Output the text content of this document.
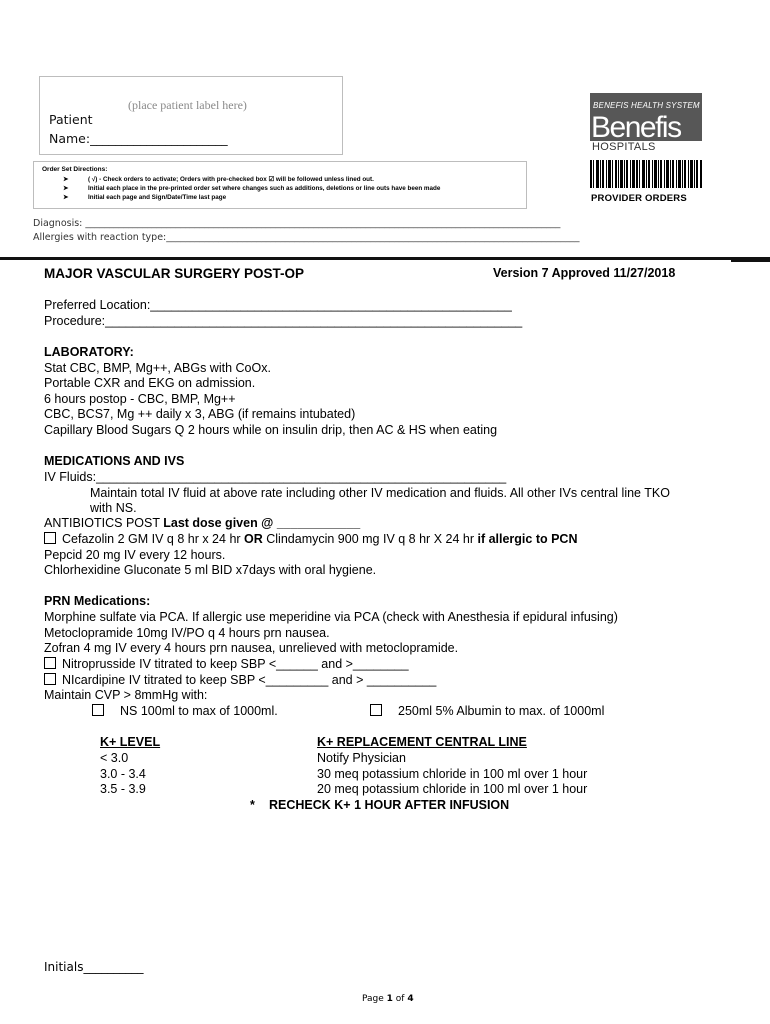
(place patient label here)
Patient
Name:______________________
BENEFIS HEALTH SYSTEM
Benefis
HOSPITALS
PROVIDER ORDERS
Order Set Directions:
➤	( √) - Check orders to activate; Orders with pre-checked box ☑ will be followed unless lined out.
➤	Initial each place in the pre-printed order set where changes such as additions, deletions or line outs have been made
➤	Initial each page and Sign/Date/Time last page
Diagnosis: ____________________________________________________________________________________________________
Allergies with reaction type:_______________________________________________________________________________________
MAJOR VASCULAR SURGERY POST-OP	Version 7 Approved 11/27/2018
Preferred Location:____________________________________________________
Procedure:____________________________________________________________
LABORATORY:
Stat CBC, BMP, Mg++, ABGs with CoOx.
Portable CXR and EKG on admission.
6 hours postop - CBC, BMP, Mg++
CBC, BCS7, Mg ++ daily x 3, ABG (if remains intubated)
Capillary Blood Sugars Q 2 hours while on insulin drip, then AC & HS when eating
MEDICATIONS AND IVS
IV Fluids:___________________________________________________________
Maintain total IV fluid at above rate including other IV medication and fluids. All other IVs central line TKO
with NS.
ANTIBIOTICS POST Last dose given @ ____________
Cefazolin 2 GM IV q 8 hr x 24 hr OR Clindamycin 900 mg IV q 8 hr X 24 hr if allergic to PCN
Pepcid 20 mg IV every 12 hours.
Chlorhexidine Gluconate 5 ml BID x7days with oral hygiene.
PRN Medications:
Morphine sulfate via PCA. If allergic use meperidine via PCA (check with Anesthesia if epidural infusing)
Metoclopramide 10mg IV/PO q 4 hours prn nausea.
Zofran 4 mg IV every 4 hours prn nausea, unrelieved with metoclopramide.
Nitroprusside IV titrated to keep SBP <______ and >________
NIcardipine IV titrated to keep SBP <_________ and > __________
Maintain CVP > 8mmHg with:
NS 100ml to max of 1000ml.	250ml 5% Albumin to max. of 1000ml
K+ LEVEL	K+ REPLACEMENT CENTRAL LINE
< 3.0	Notify Physician
3.0 - 3.4	30 meq potassium chloride in 100 ml over 1 hour
3.5 - 3.9	20 meq potassium chloride in 100 ml over 1 hour
* RECHECK K+ 1 HOUR AFTER INFUSION
Initials__________
Page 1 of 4
